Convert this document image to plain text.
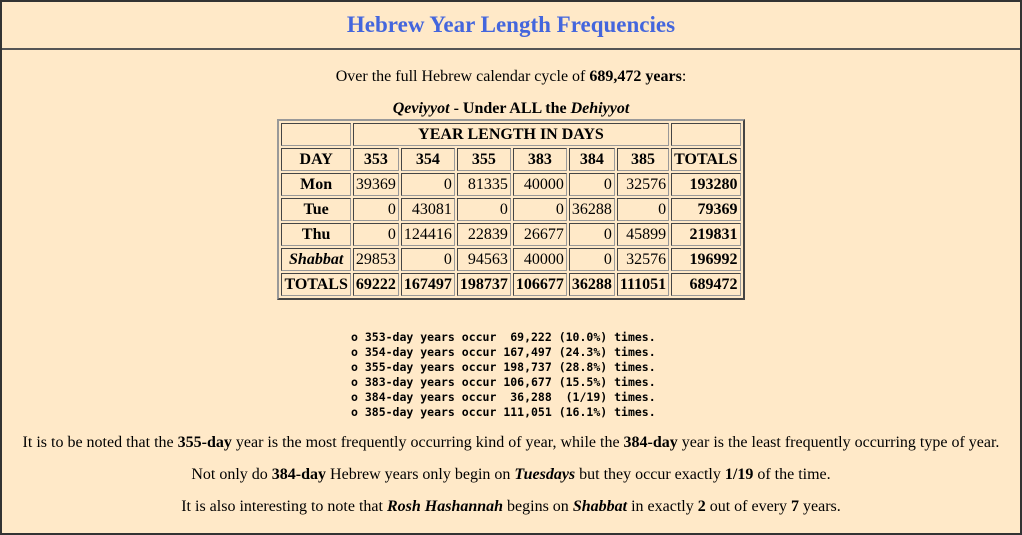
Hebrew Year Length Frequencies
Over the full Hebrew calendar cycle of 689,472 years:
Qeviyyot - Under ALL the Dehiyyot
	YEAR LENGTH IN DAYS						
DAY	353	354	355	383	384	385	TOTALS
Mon	39369	0	81335	40000	0	32576	193280
Tue	0	43081	0	0	36288	0	79369
Thu	0	124416	22839	26677	0	45899	219831
Shabbat	29853	0	94563	40000	0	32576	196992
TOTALS	69222	167497	198737	106677	36288	111051	689472
o 353-day years occur  69,222 (10.0%) times.
o 354-day years occur 167,497 (24.3%) times.
o 355-day years occur 198,737 (28.8%) times.
o 383-day years occur 106,677 (15.5%) times.
o 384-day years occur  36,288  (1/19) times.
o 385-day years occur 111,051 (16.1%) times.
It is to be noted that the 355-day year is the most frequently occurring kind of year, while the 384-day year is the least frequently occurring type of year.
Not only do 384-day Hebrew years only begin on Tuesdays but they occur exactly 1/19 of the time.
It is also interesting to note that Rosh Hashannah begins on Shabbat in exactly 2 out of every 7 years.
